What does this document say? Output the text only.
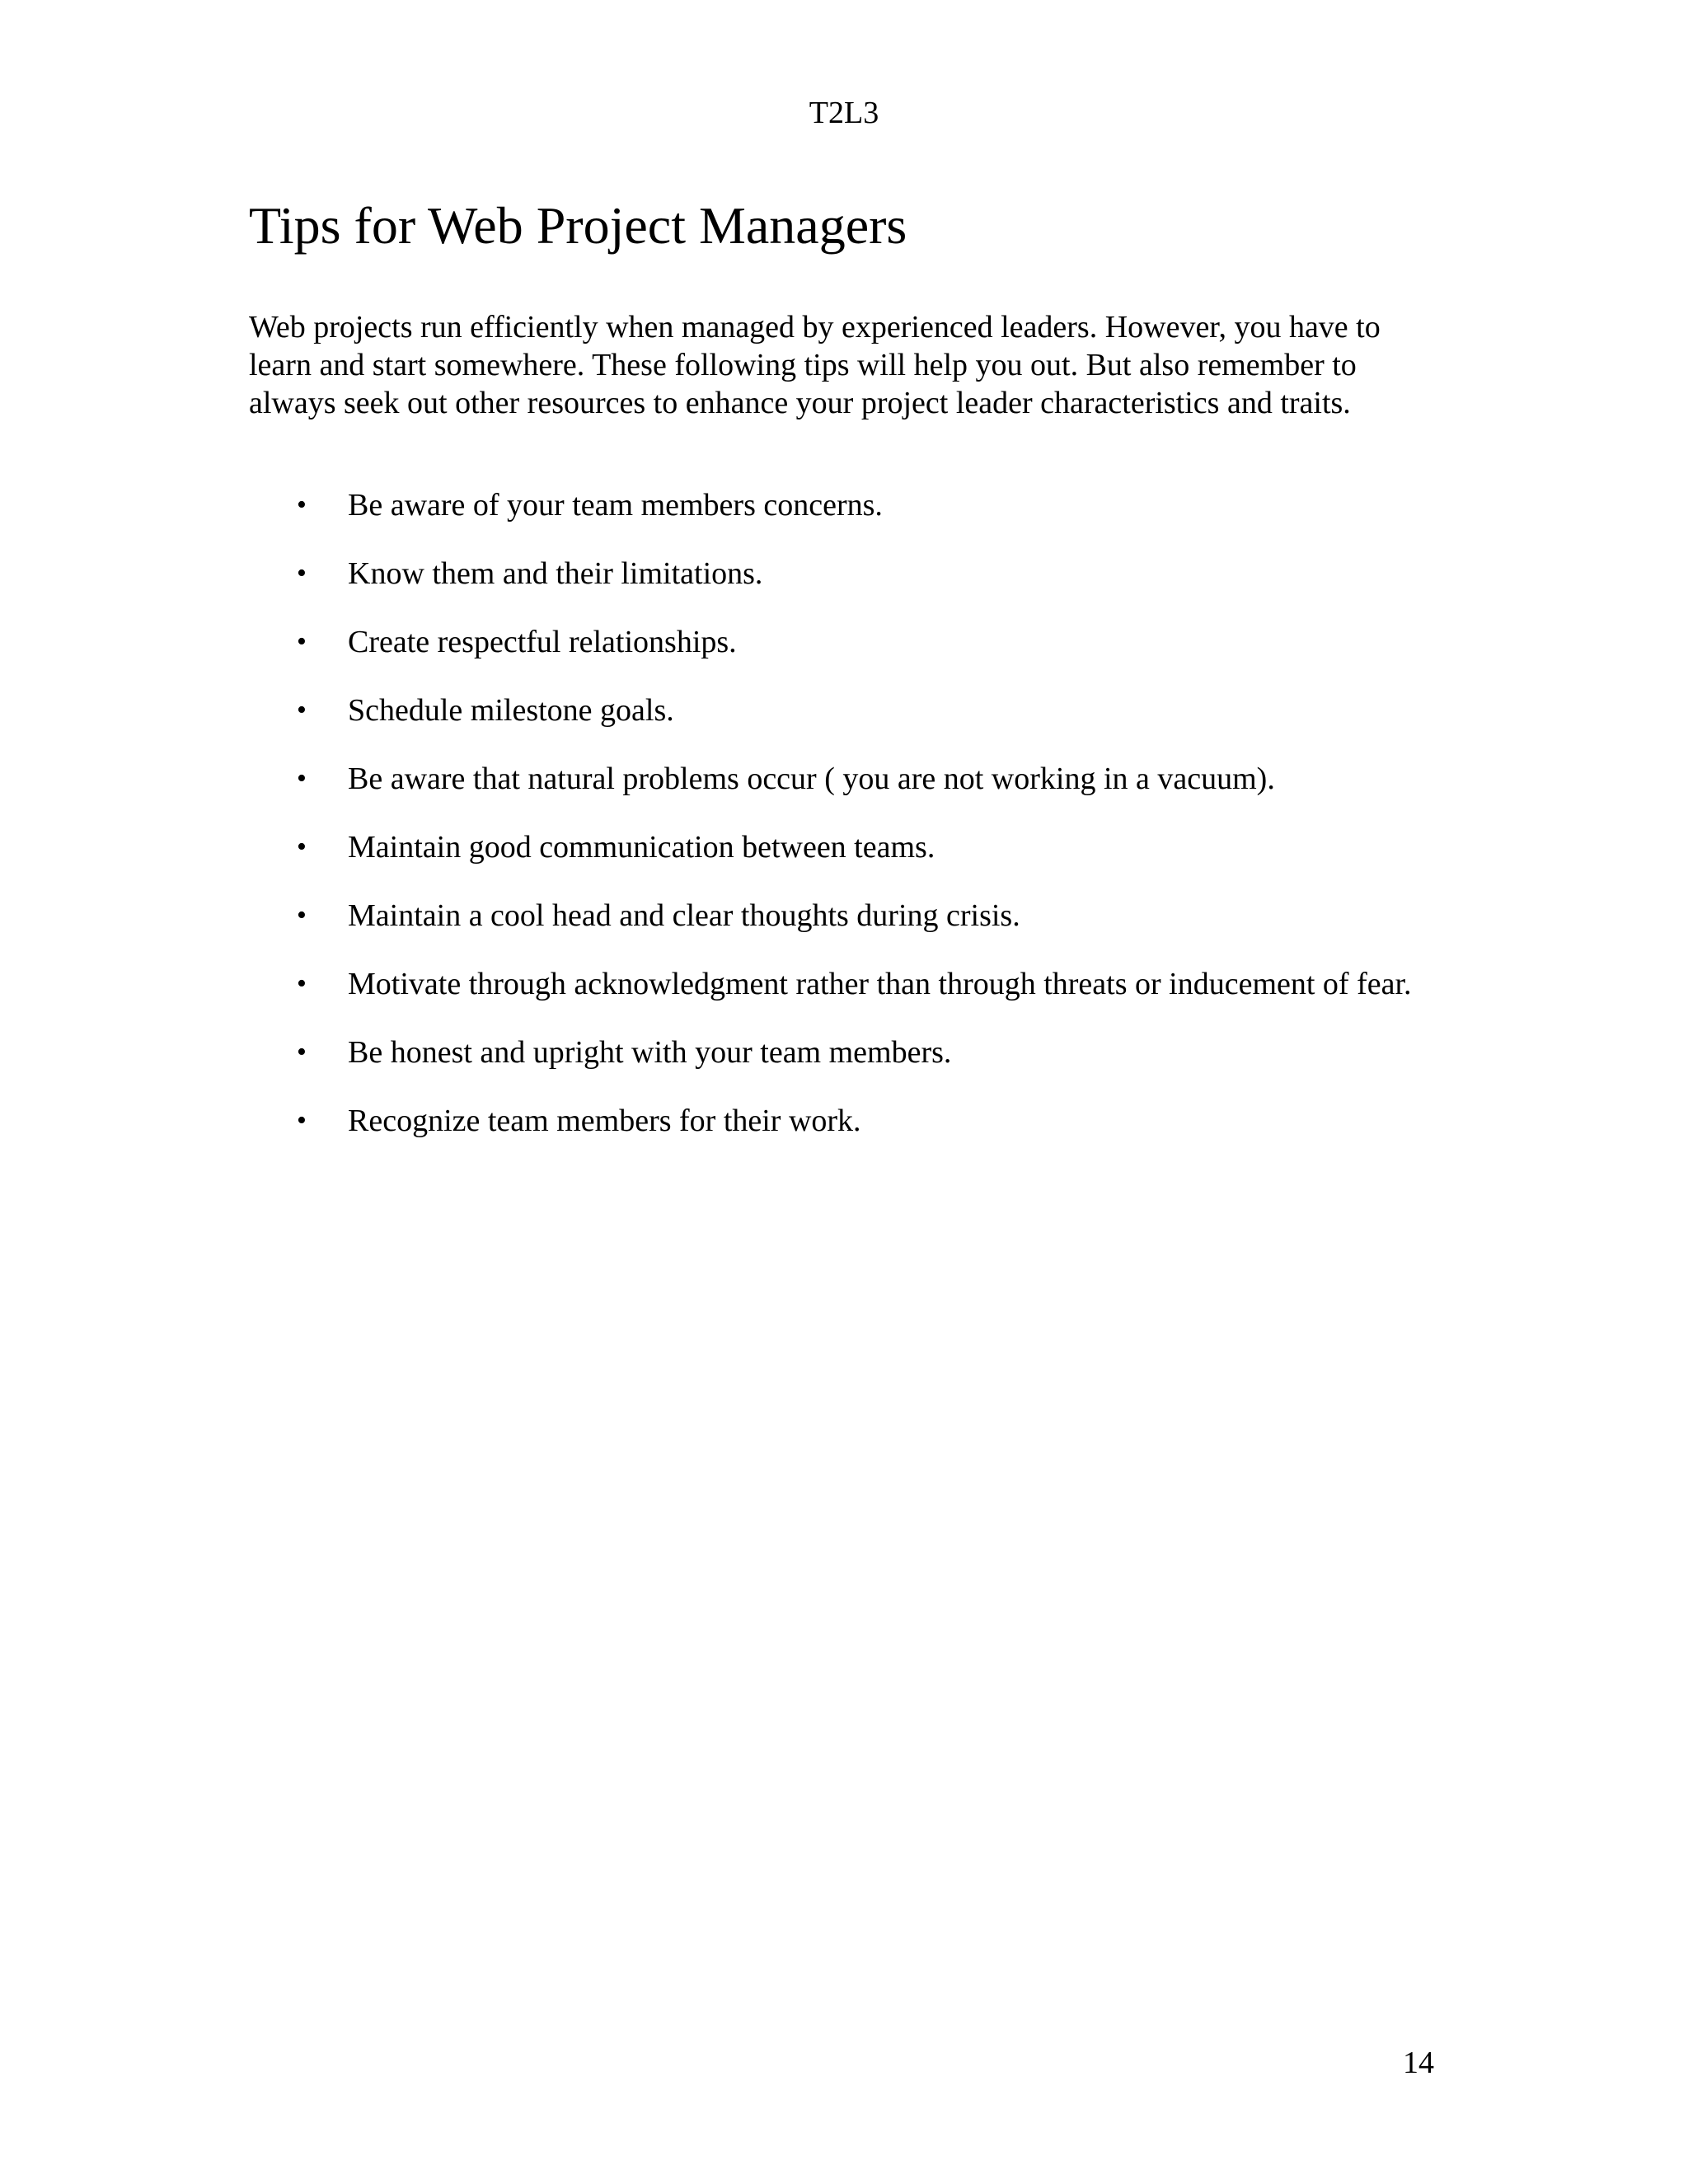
T2L3
Tips for Web Project Managers

Web projects run efficiently when managed by experienced leaders. However, you have to learn and start somewhere. These following tips will help you out. But also remember to always seek out other resources to enhance your project leader characteristics and traits.

•	Be aware of your team members concerns.
•	Know them and their limitations.
•	Create respectful relationships.
•	Schedule milestone goals.
•	Be aware that natural problems occur ( you are not working in a vacuum).
•	Maintain good communication between teams.
•	Maintain a cool head and clear thoughts during crisis.
•	Motivate through acknowledgment rather than through threats or inducement of fear.
•	Be honest and upright with your team members.
•	Recognize team members for their work.
14
